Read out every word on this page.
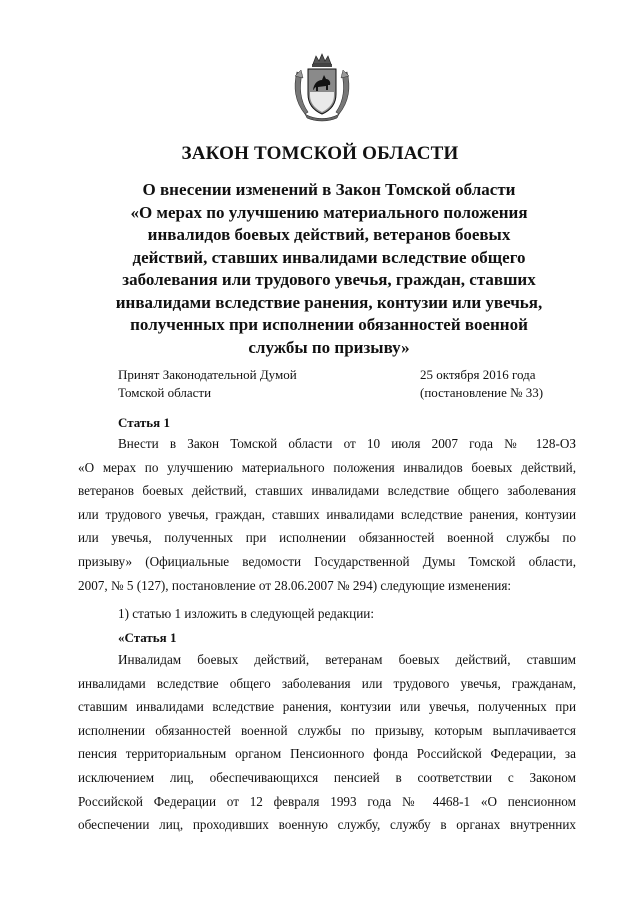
ЗАКОН ТОМСКОЙ ОБЛАСТИ
О внесении изменений в Закон Томской области
«О мерах по улучшению материального положения
инвалидов боевых действий, ветеранов боевых
действий, ставших инвалидами вследствие общего
заболевания или трудового увечья, граждан, ставших
инвалидами вследствие ранения, контузии или увечья,
полученных при исполнении обязанностей военной
службы по призыву»
Принят Законодательной Думой
Томской области
25 октября 2016 года
(постановление № 33)
Статья 1
Внести в Закон Томской области от 10 июля 2007 года № 128-ОЗ
«О мерах по улучшению материального положения инвалидов боевых действий,
ветеранов боевых действий, ставших инвалидами вследствие общего заболевания
или трудового увечья, граждан, ставших инвалидами вследствие ранения, контузии
или увечья, полученных при исполнении обязанностей военной службы по
призыву» (Официальные ведомости Государственной Думы Томской области,
2007, № 5 (127), постановление от 28.06.2007 № 294) следующие изменения:
1) статью 1 изложить в следующей редакции:
«Статья 1
Инвалидам боевых действий, ветеранам боевых действий, ставшим
инвалидами вследствие общего заболевания или трудового увечья, гражданам,
ставшим инвалидами вследствие ранения, контузии или увечья, полученных при
исполнении обязанностей военной службы по призыву, которым выплачивается
пенсия территориальным органом Пенсионного фонда Российской Федерации, за
исключением лиц, обеспечивающихся пенсией в соответствии с Законом
Российской Федерации от 12 февраля 1993 года № 4468-1 «О пенсионном
обеспечении лиц, проходивших военную службу, службу в органах внутренних
